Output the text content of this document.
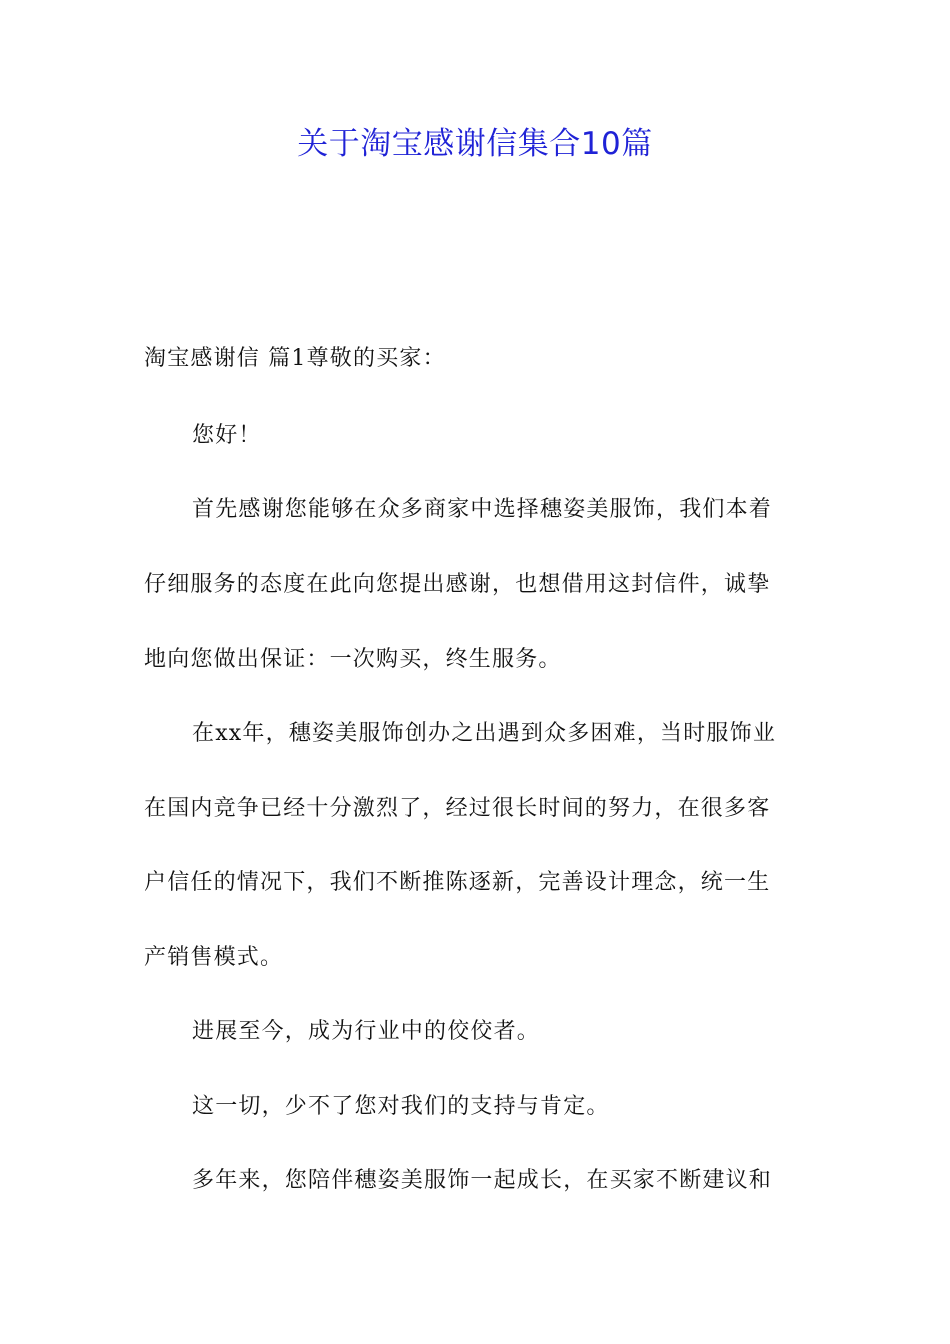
关于淘宝感谢信集合10篇
淘宝感谢信 篇1尊敬的买家：
您好！
首先感谢您能够在众多商家中选择穗姿美服饰，我们本着
仔细服务的态度在此向您提出感谢，也想借用这封信件，诚挚
地向您做出保证：一次购买，终生服务。
在xx年，穗姿美服饰创办之出遇到众多困难，当时服饰业
在国内竞争已经十分激烈了，经过很长时间的努力，在很多客
户信任的情况下，我们不断推陈逐新，完善设计理念，统一生
产销售模式。
进展至今，成为行业中的佼佼者。
这一切，少不了您对我们的支持与肯定。
多年来，您陪伴穗姿美服饰一起成长，在买家不断建议和
